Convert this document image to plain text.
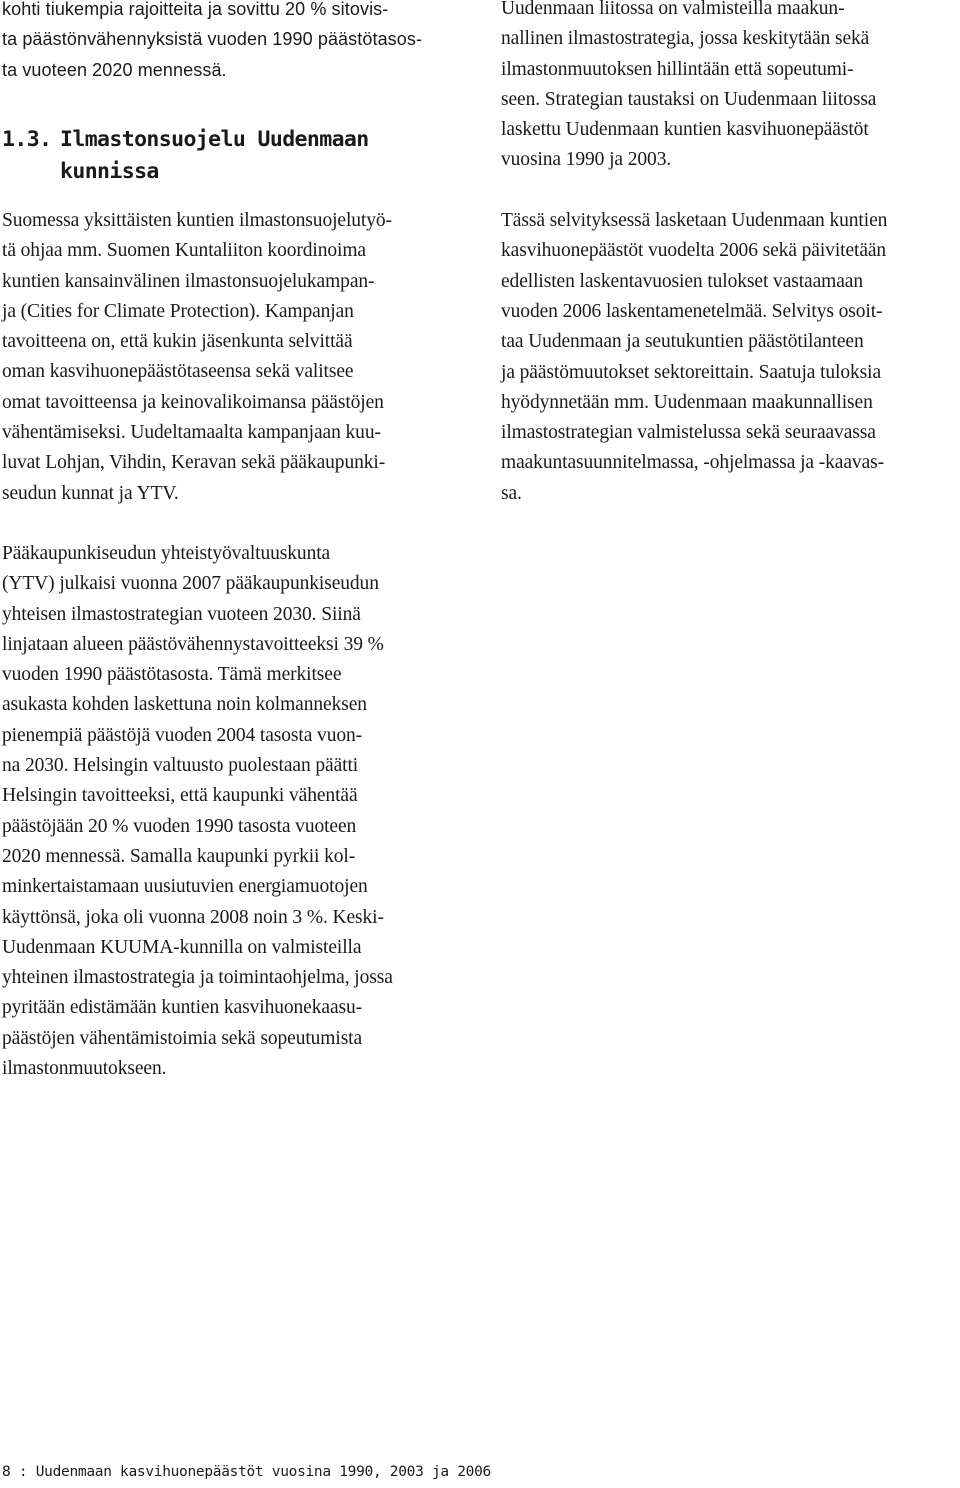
kohti tiukempia rajoitteita ja sovittu 20 % sitovis-
ta päästönvähennyksistä vuoden 1990 päästötasos-
ta vuoteen 2020 mennessä.
1.3. Ilmastonsuojelu Uudenmaan
kunnissa
Suomessa yksittäisten kuntien ilmastonsuojelutyö-
tä ohjaa mm. Suomen Kuntaliiton koordinoima
kuntien kansainvälinen ilmastonsuojelukampan-
ja (Cities for Climate Protection). Kampanjan
tavoitteena on, että kukin jäsenkunta selvittää
oman kasvihuonepäästötaseensa sekä valitsee
omat tavoitteensa ja keinovalikoimansa päästöjen
vähentämiseksi. Uudeltamaalta kampanjaan kuu-
luvat Lohjan, Vihdin, Keravan sekä pääkaupunki-
seudun kunnat ja YTV.
Pääkaupunkiseudun yhteistyövaltuuskunta
(YTV) julkaisi vuonna 2007 pääkaupunkiseudun
yhteisen ilmastostrategian vuoteen 2030. Siinä
linjataan alueen päästövähennystavoitteeksi 39 %
vuoden 1990 päästötasosta. Tämä merkitsee
asukasta kohden laskettuna noin kolmanneksen
pienempiä päästöjä vuoden 2004 tasosta vuon-
na 2030. Helsingin valtuusto puolestaan päätti
Helsingin tavoitteeksi, että kaupunki vähentää
päästöjään 20 % vuoden 1990 tasosta vuoteen
2020 mennessä. Samalla kaupunki pyrkii kol-
minkertaistamaan uusiutuvien energiamuotojen
käyttönsä, joka oli vuonna 2008 noin 3 %. Keski-
Uudenmaan KUUMA-kunnilla on valmisteilla
yhteinen ilmastostrategia ja toimintaohjelma, jossa
pyritään edistämään kuntien kasvihuonekaasu-
päästöjen vähentämistoimia sekä sopeutumista
ilmastonmuutokseen.
Uudenmaan liitossa on valmisteilla maakun-
nallinen ilmastostrategia, jossa keskitytään sekä
ilmastonmuutoksen hillintään että sopeutumi-
seen. Strategian taustaksi on Uudenmaan liitossa
laskettu Uudenmaan kuntien kasvihuonepäästöt
vuosina 1990 ja 2003.
Tässä selvityksessä lasketaan Uudenmaan kuntien
kasvihuonepäästöt vuodelta 2006 sekä päivitetään
edellisten laskentavuosien tulokset vastaamaan
vuoden 2006 laskentamenetelmää. Selvitys osoit-
taa Uudenmaan ja seutukuntien päästötilanteen
ja päästömuutokset sektoreittain. Saatuja tuloksia
hyödynnetään mm. Uudenmaan maakunnallisen
ilmastostrategian valmistelussa sekä seuraavassa
maakuntasuunnitelmassa, -ohjelmassa ja -kaavas-
sa.
8 : Uudenmaan kasvihuonepäästöt vuosina 1990, 2003 ja 2006
